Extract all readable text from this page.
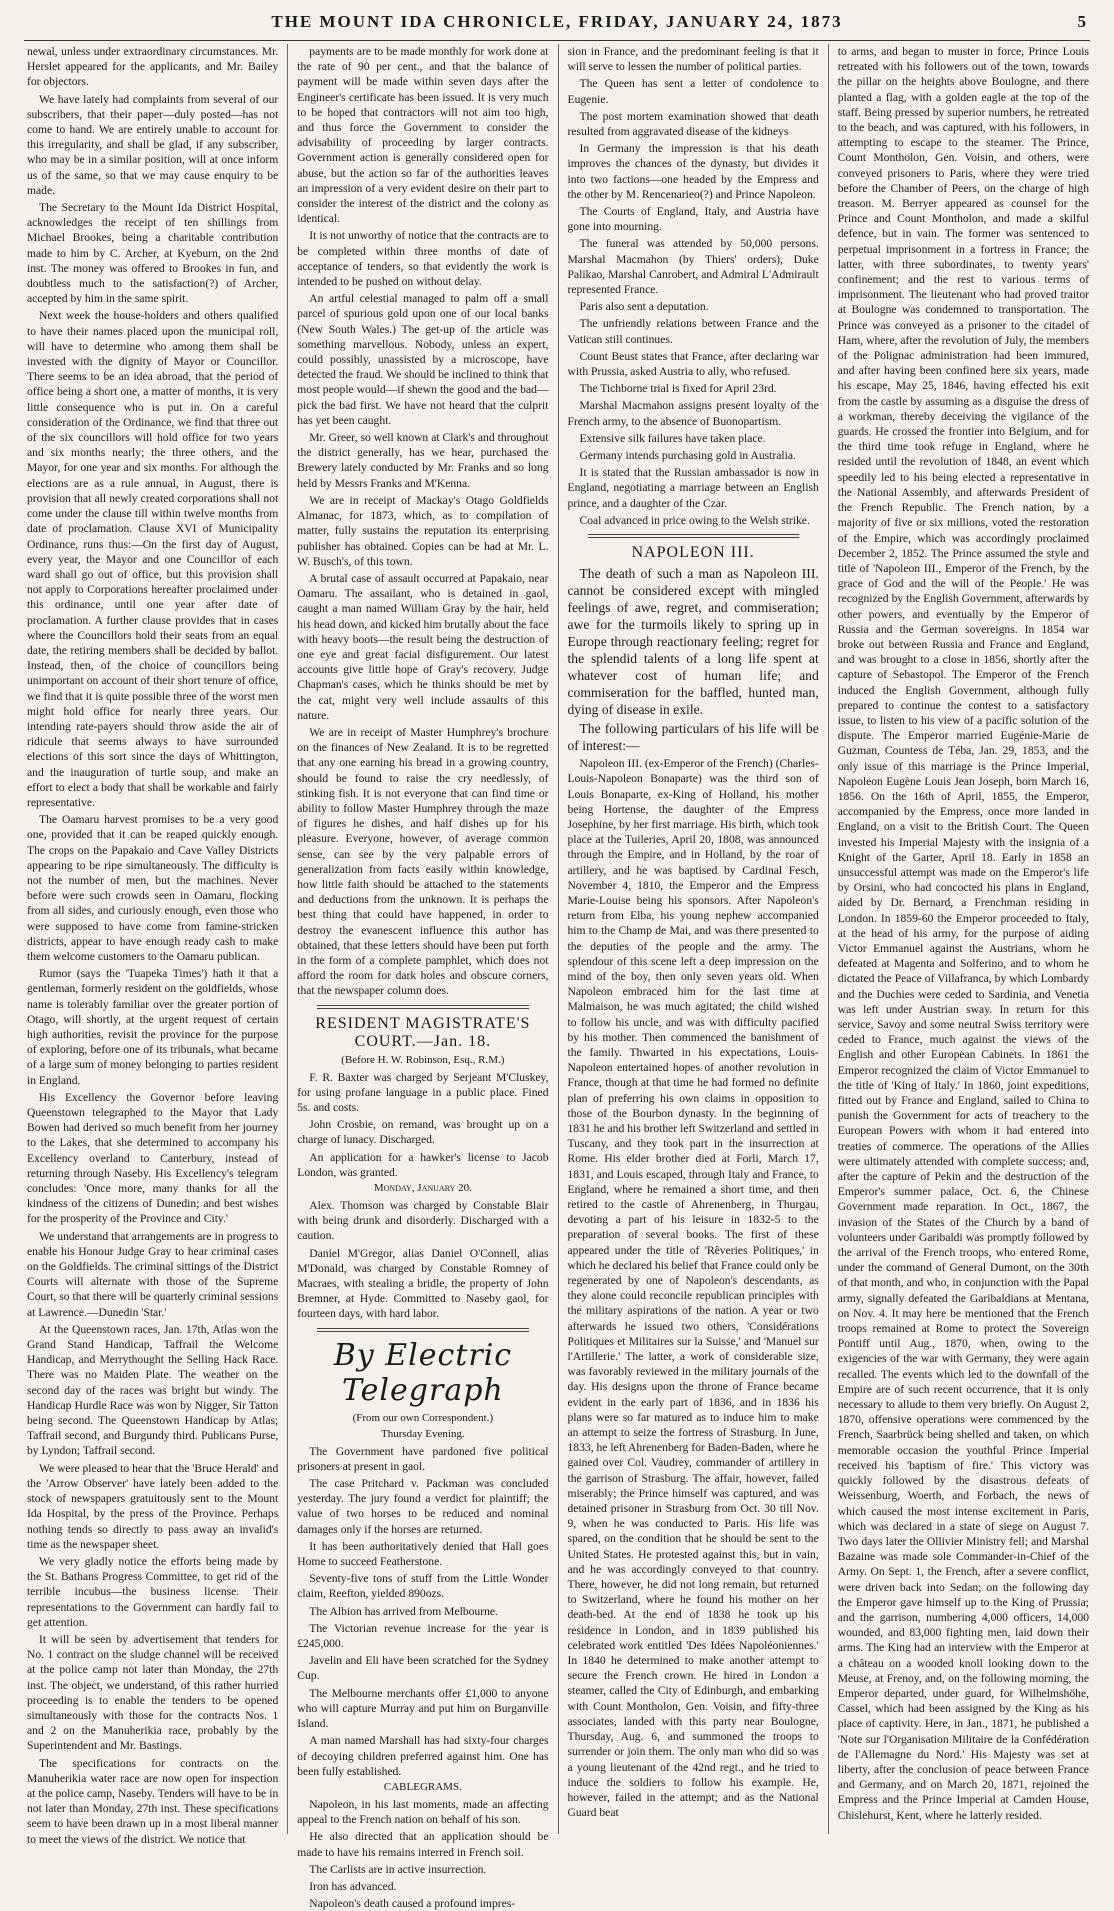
THE MOUNT IDA CHRONICLE, FRIDAY, JANUARY 24, 1873	5

newal, unless under extraordinary circumstances. Mr. Herslet appeared for the applicants, and Mr. Bailey for objectors.

We have lately had complaints from several of our subscribers, that their paper—duly posted—has not come to hand. We are entirely unable to account for this irregularity, and shall be glad, if any subscriber, who may be in a similar position, will at once inform us of the same, so that we may cause enquiry to be made.

The Secretary to the Mount Ida District Hospital, acknowledges the receipt of ten shillings from Michael Brookes, being a charitable contribution made to him by C. Archer, at Kyeburn, on the 2nd inst. The money was offered to Brookes in fun, and doubtless much to the satisfaction(?) of Archer, accepted by him in the same spirit.

Next week the house-holders and others qualified to have their names placed upon the municipal roll, will have to determine who among them shall be invested with the dignity of Mayor or Councillor. There seems to be an idea abroad, that the period of office being a short one, a matter of months, it is very little consequence who is put in. On a careful consideration of the Ordinance, we find that three out of the six councillors will hold office for two years and six months nearly; the three others, and the Mayor, for one year and six months. For although the elections are as a rule annual, in August, there is provision that all newly created corporations shall not come under the clause till within twelve months from date of proclamation. Clause XVI of Municipality Ordinance, runs thus:—On the first day of August, every year, the Mayor and one Councillor of each ward shall go out of office, but this provision shall not apply to Corporations hereafter proclaimed under this ordinance, until one year after date of proclamation. A further clause provides that in cases where the Councillors hold their seats from an equal date, the retiring members shall be decided by ballot. Instead, then, of the choice of councillors being unimportant on account of their short tenure of office, we find that it is quite possible three of the worst men might hold office for nearly three years. Our intending rate-payers should throw aside the air of ridicule that seems always to have surrounded elections of this sort since the days of Whittington, and the inauguration of turtle soup, and make an effort to elect a body that shall be workable and fairly representative.

The Oamaru harvest promises to be a very good one, provided that it can be reaped quickly enough. The crops on the Papakaio and Cave Valley Districts appearing to be ripe simultaneously. The difficulty is not the number of men, but the machines. Never before were such crowds seen in Oamaru, flocking from all sides, and curiously enough, even those who were supposed to have come from famine-stricken districts, appear to have enough ready cash to make them welcome customers to the Oamaru publican.

Rumor (says the 'Tuapeka Times') hath it that a gentleman, formerly resident on the goldfields, whose name is tolerably familiar over the greater portion of Otago, will shortly, at the urgent request of certain high authorities, revisit the province for the purpose of exploring, before one of its tribunals, what became of a large sum of money belonging to parties resident in England.

His Excellency the Governor before leaving Queenstown telegraphed to the Mayor that Lady Bowen had derived so much benefit from her journey to the Lakes, that she determined to accompany his Excellency overland to Canterbury, instead of returning through Naseby. His Excellency's telegram concludes: 'Once more, many thanks for all the kindness of the citizens of Dunedin; and best wishes for the prosperity of the Province and City.'

We understand that arrangements are in progress to enable his Honour Judge Gray to hear criminal cases on the Goldfields. The criminal sittings of the District Courts will alternate with those of the Supreme Court, so that there will be quarterly criminal sessions at Lawrence.—Dunedin 'Star.'

At the Queenstown races, Jan. 17th, Atlas won the Grand Stand Handicap, Taffrail the Welcome Handicap, and Merrythought the Selling Hack Race. There was no Maiden Plate. The weather on the second day of the races was bright but windy. The Handicap Hurdle Race was won by Nigger, Sir Tatton being second. The Queenstown Handicap by Atlas; Taffrail second, and Burgundy third. Publicans Purse, by Lyndon; Taffrail second.

We were pleased to hear that the 'Bruce Herald' and the 'Arrow Observer' have lately been added to the stock of newspapers gratuitously sent to the Mount Ida Hospital, by the press of the Province. Perhaps nothing tends so directly to pass away an invalid's time as the newspaper sheet.

We very gladly notice the efforts being made by the St. Bathans Progress Committee, to get rid of the terrible incubus—the business license. Their representations to the Government can hardly fail to get attention.

It will be seen by advertisement that tenders for No. 1 contract on the sludge channel will be received at the police camp not later than Monday, the 27th inst. The object, we understand, of this rather hurried proceeding is to enable the tenders to be opened simultaneously with those for the contracts Nos. 1 and 2 on the Manuherikia race, probably by the Superintendent and Mr. Bastings.

The specifications for contracts on the Manuherikia water race are now open for inspection at the police camp, Naseby. Tenders will have to be in not later than Monday, 27th inst. These specifications seem to have been drawn up in a most liberal manner to meet the views of the district. We notice that

payments are to be made monthly for work done at the rate of 90 per cent., and that the balance of payment will be made within seven days after the Engineer's certificate has been issued. It is very much to be hoped that contractors will not aim too high, and thus force the Government to consider the advisability of proceeding by larger contracts. Government action is generally considered open for abuse, but the action so far of the authorities leaves an impression of a very evident desire on their part to consider the interest of the district and the colony as identical.

It is not unworthy of notice that the contracts are to be completed within three months of date of acceptance of tenders, so that evidently the work is intended to be pushed on without delay.

An artful celestial managed to palm off a small parcel of spurious gold upon one of our local banks (New South Wales.) The get-up of the article was something marvellous. Nobody, unless an expert, could possibly, unassisted by a microscope, have detected the fraud. We should be inclined to think that most people would—if shewn the good and the bad—pick the bad first. We have not heard that the culprit has yet been caught.

Mr. Greer, so well known at Clark's and throughout the district generally, has we hear, purchased the Brewery lately conducted by Mr. Franks and so long held by Messrs Franks and M'Kenna.

We are in receipt of Mackay's Otago Goldfields Almanac, for 1873, which, as to compilation of matter, fully sustains the reputation its enterprising publisher has obtained. Copies can be had at Mr. L. W. Busch's, of this town.

A brutal case of assault occurred at Papakaio, near Oamaru. The assailant, who is detained in gaol, caught a man named William Gray by the hair, held his head down, and kicked him brutally about the face with heavy boots—the result being the destruction of one eye and great facial disfigurement. Our latest accounts give little hope of Gray's recovery. Judge Chapman's cases, which he thinks should be met by the cat, might very well include assaults of this nature.

We are in receipt of Master Humphrey's brochure on the finances of New Zealand. It is to be regretted that any one earning his bread in a growing country, should be found to raise the cry needlessly, of stinking fish. It is not everyone that can find time or ability to follow Master Humphrey through the maze of figures he dishes, and half dishes up for his pleasure. Everyone, however, of average common sense, can see by the very palpable errors of generalization from facts easily within knowledge, how little faith should be attached to the statements and deductions from the unknown. It is perhaps the best thing that could have happened, in order to destroy the evanescent influence this author has obtained, that these letters should have been put forth in the form of a complete pamphlet, which does not afford the room for dark holes and obscure corners, that the newspaper column does.

RESIDENT MAGISTRATE'S COURT.—Jan. 18.
(Before H. W. Robinson, Esq., R.M.)

F. R. Baxter was charged by Serjeant M'Cluskey, for using profane language in a public place. Fined 5s. and costs.

John Crosbie, on remand, was brought up on a charge of lunacy. Discharged.

An application for a hawker's license to Jacob London, was granted.

Monday, January 20.

Alex. Thomson was charged by Constable Blair with being drunk and disorderly. Discharged with a caution.

Daniel M'Gregor, alias Daniel O'Connell, alias M'Donald, was charged by Constable Romney of Macraes, with stealing a bridle, the property of John Bremner, at Hyde. Committed to Naseby gaol, for fourteen days, with hard labor.

By Electric Telegraph
(From our own Correspondent.)
Thursday Evening.

The Government have pardoned five political prisoners at present in gaol.

The case Pritchard v. Packman was concluded yesterday. The jury found a verdict for plaintiff; the value of two horses to be reduced and nominal damages only if the horses are returned.

It has been authoritatively denied that Hall goes Home to succeed Featherstone.

Seventy-five tons of stuff from the Little Wonder claim, Reefton, yielded 890ozs.

The Albion has arrived from Melbourne.

The Victorian revenue increase for the year is £245,000.

Javelin and Eli have been scratched for the Sydney Cup.

The Melbourne merchants offer £1,000 to anyone who will capture Murray and put him on Burganville Island.

A man named Marshall has had sixty-four charges of decoying children preferred against him. One has been fully established.

CABLEGRAMS.

Napoleon, in his last moments, made an affecting appeal to the French nation on behalf of his son.

He also directed that an application should be made to have his remains interred in French soil.

The Carlists are in active insurrection.

Iron has advanced.

Napoleon's death caused a profound impres-

sion in France, and the predominant feeling is that it will serve to lessen the number of political parties.

The Queen has sent a letter of condolence to Eugenie.

The post mortem examination showed that death resulted from aggravated disease of the kidneys

In Germany the impression is that his death improves the chances of the dynasty, but divides it into two factions—one headed by the Empress and the other by M. Rencenarieo(?) and Prince Napoleon.

The Courts of England, Italy, and Austria have gone into mourning.

The funeral was attended by 50,000 persons. Marshal Macmahon (by Thiers' orders), Duke Palikao, Marshal Canrobert, and Admiral L'Admirault represented France.

Paris also sent a deputation.

The unfriendly relations between France and the Vatican still continues.

Count Beust states that France, after declaring war with Prussia, asked Austria to ally, who refused.

The Tichborne trial is fixed for April 23rd.

Marshal Macmahon assigns present loyalty of the French army, to the absence of Buonopartism.

Extensive silk failures have taken place.

Germany intends purchasing gold in Australia.

It is stated that the Russian ambassador is now in England, negotiating a marriage between an English prince, and a daughter of the Czar.

Coal advanced in price owing to the Welsh strike.

NAPOLEON III.

The death of such a man as Napoleon III. cannot be considered except with mingled feelings of awe, regret, and commiseration; awe for the turmoils likely to spring up in Europe through reactionary feeling; regret for the splendid talents of a long life spent at whatever cost of human life; and commiseration for the baffled, hunted man, dying of disease in exile.

The following particulars of his life will be of interest:—

Napoleon III. (ex-Emperor of the French) (Charles-Louis-Napoleon Bonaparte) was the third son of Louis Bonaparte, ex-King of Holland, his mother being Hortense, the daughter of the Empress Josephine, by her first marriage. His birth, which took place at the Tuileries, April 20, 1808, was announced through the Empire, and in Holland, by the roar of artillery, and he was baptised by Cardinal Fesch, November 4, 1810, the Emperor and the Empress Marie-Louise being his sponsors. After Napoleon's return from Elba, his young nephew accompanied him to the Champ de Mai, and was there presented to the deputies of the people and the army. The splendour of this scene left a deep impression on the mind of the boy, then only seven years old. When Napoleon embraced him for the last time at Malmaison, he was much agitated; the child wished to follow his uncle, and was with difficulty pacified by his mother. Then commenced the banishment of the family. Thwarted in his expectations, Louis-Napoleon entertained hopes of another revolution in France, though at that time he had formed no definite plan of preferring his own claims in opposition to those of the Bourbon dynasty. In the beginning of 1831 he and his brother left Switzerland and settled in Tuscany, and they took part in the insurrection at Rome. His elder brother died at Forli, March 17, 1831, and Louis escaped, through Italy and France, to England, where he remained a short time, and then retired to the castle of Ahrenenberg, in Thurgau, devoting a part of his leisure in 1832-5 to the preparation of several books. The first of these appeared under the title of 'Rêveries Politiques,' in which he declared his belief that France could only be regenerated by one of Napoleon's descendants, as they alone could reconcile republican principles with the military aspirations of the nation. A year or two afterwards he issued two others, 'Considérations Politiques et Militaires sur la Suisse,' and 'Manuel sur l'Artillerie.' The latter, a work of considerable size, was favorably reviewed in the military journals of the day. His designs upon the throne of France became evident in the early part of 1836, and in 1836 his plans were so far matured as to induce him to make an attempt to seize the fortress of Strasburg. In June, 1833, he left Ahrenenberg for Baden-Baden, where he gained over Col. Vaudrey, commander of artillery in the garrison of Strasburg. The affair, however, failed miserably; the Prince himself was captured, and was detained prisoner in Strasburg from Oct. 30 till Nov. 9, when he was conducted to Paris. His life was spared, on the condition that he should be sent to the United States. He protested against this, but in vain, and he was accordingly conveyed to that country. There, however, he did not long remain, but returned to Switzerland, where he found his mother on her death-bed. At the end of 1838 he took up his residence in London, and in 1839 published his celebrated work entitled 'Des Idées Napoléoniennes.' In 1840 he determined to make another attempt to secure the French crown. He hired in London a steamer, called the City of Edinburgh, and embarking with Count Montholon, Gen. Voisin, and fifty-three associates, landed with this party near Boulogne, Thursday, Aug. 6, and summoned the troops to surrender or join them. The only man who did so was a young lieutenant of the 42nd regt., and he tried to induce the soldiers to follow his example. He, however, failed in the attempt; and as the National Guard beat

to arms, and began to muster in force, Prince Louis retreated with his followers out of the town, towards the pillar on the heights above Boulogne, and there planted a flag, with a golden eagle at the top of the staff. Being pressed by superior numbers, he retreated to the beach, and was captured, with his followers, in attempting to escape to the steamer. The Prince, Count Montholon, Gen. Voisin, and others, were conveyed prisoners to Paris, where they were tried before the Chamber of Peers, on the charge of high treason. M. Berryer appeared as counsel for the Prince and Count Montholon, and made a skilful defence, but in vain. The former was sentenced to perpetual imprisonment in a fortress in France; the latter, with three subordinates, to twenty years' confinement; and the rest to various terms of imprisonment. The lieutenant who had proved traitor at Boulogne was condemned to transportation. The Prince was conveyed as a prisoner to the citadel of Ham, where, after the revolution of July, the members of the Polignac administration had been immured, and after having been confined here six years, made his escape, May 25, 1846, having effected his exit from the castle by assuming as a disguise the dress of a workman, thereby deceiving the vigilance of the guards. He crossed the frontier into Belgium, and for the third time took refuge in England, where he resided until the revolution of 1848, an event which speedily led to his being elected a representative in the National Assembly, and afterwards President of the French Republic. The French nation, by a majority of five or six millions, voted the restoration of the Empire, which was accordingly proclaimed December 2, 1852. The Prince assumed the style and title of 'Napoleon III., Emperor of the French, by the grace of God and the will of the People.' He was recognized by the English Government, afterwards by other powers, and eventually by the Emperor of Russia and the German sovereigns. In 1854 war broke out between Russia and France and England, and was brought to a close in 1856, shortly after the capture of Sebastopol. The Emperor of the French induced the English Government, although fully prepared to continue the contest to a satisfactory issue, to listen to his view of a pacific solution of the dispute. The Emperor married Eugénie-Marie de Guzman, Countess de Téba, Jan. 29, 1853, and the only issue of this marriage is the Prince Imperial, Napoleon Eugène Louis Jean Joseph, born March 16, 1856. On the 16th of April, 1855, the Emperor, accompanied by the Empress, once more landed in England, on a visit to the British Court. The Queen invested his Imperial Majesty with the insignia of a Knight of the Garter, April 18. Early in 1858 an unsuccessful attempt was made on the Emperor's life by Orsini, who had concocted his plans in England, aided by Dr. Bernard, a Frenchman residing in London. In 1859-60 the Emperor proceeded to Italy, at the head of his army, for the purpose of aiding Victor Emmanuel against the Austrians, whom he defeated at Magenta and Solferino, and to whom he dictated the Peace of Villafranca, by which Lombardy and the Duchies were ceded to Sardinia, and Venetia was left under Austrian sway. In return for this service, Savoy and some neutral Swiss territory were ceded to France, much against the views of the English and other European Cabinets. In 1861 the Emperor recognized the claim of Victor Emmanuel to the title of 'King of Italy.' In 1860, joint expeditions, fitted out by France and England, sailed to China to punish the Government for acts of treachery to the European Powers with whom it had entered into treaties of commerce. The operations of the Allies were ultimately attended with complete success; and, after the capture of Pekin and the destruction of the Emperor's summer palace, Oct. 6, the Chinese Government made reparation. In Oct., 1867, the invasion of the States of the Church by a band of volunteers under Garibaldi was promptly followed by the arrival of the French troops, who entered Rome, under the command of General Dumont, on the 30th of that month, and who, in conjunction with the Papal army, signally defeated the Garibaldians at Mentana, on Nov. 4. It may here be mentioned that the French troops remained at Rome to protect the Sovereign Pontiff until Aug., 1870, when, owing to the exigencies of the war with Germany, they were again recalled. The events which led to the downfall of the Empire are of such recent occurrence, that it is only necessary to allude to them very briefly. On August 2, 1870, offensive operations were commenced by the French, Saarbrück being shelled and taken, on which memorable occasion the youthful Prince Imperial received his 'baptism of fire.' This victory was quickly followed by the disastrous defeats of Weissenburg, Woerth, and Forbach, the news of which caused the most intense excitement in Paris, which was declared in a state of siege on August 7. Two days later the Ollivier Ministry fell; and Marshal Bazaine was made sole Commander-in-Chief of the Army. On Sept. 1, the French, after a severe conflict, were driven back into Sedan; on the following day the Emperor gave himself up to the King of Prussia; and the garrison, numbering 4,000 officers, 14,000 wounded, and 83,000 fighting men, laid down their arms. The King had an interview with the Emperor at a château on a wooded knoll looking down to the Meuse, at Frenoy, and, on the following morning, the Emperor departed, under guard, for Wilhelmshöhe, Cassel, which had been assigned by the King as his place of captivity. Here, in Jan., 1871, he published a 'Note sur l'Organisation Militaire de la Confédération de l'Allemagne du Nord.' His Majesty was set at liberty, after the conclusion of peace between France and Germany, and on March 20, 1871, rejoined the Empress and the Prince Imperial at Camden House, Chislehurst, Kent, where he latterly resided.
